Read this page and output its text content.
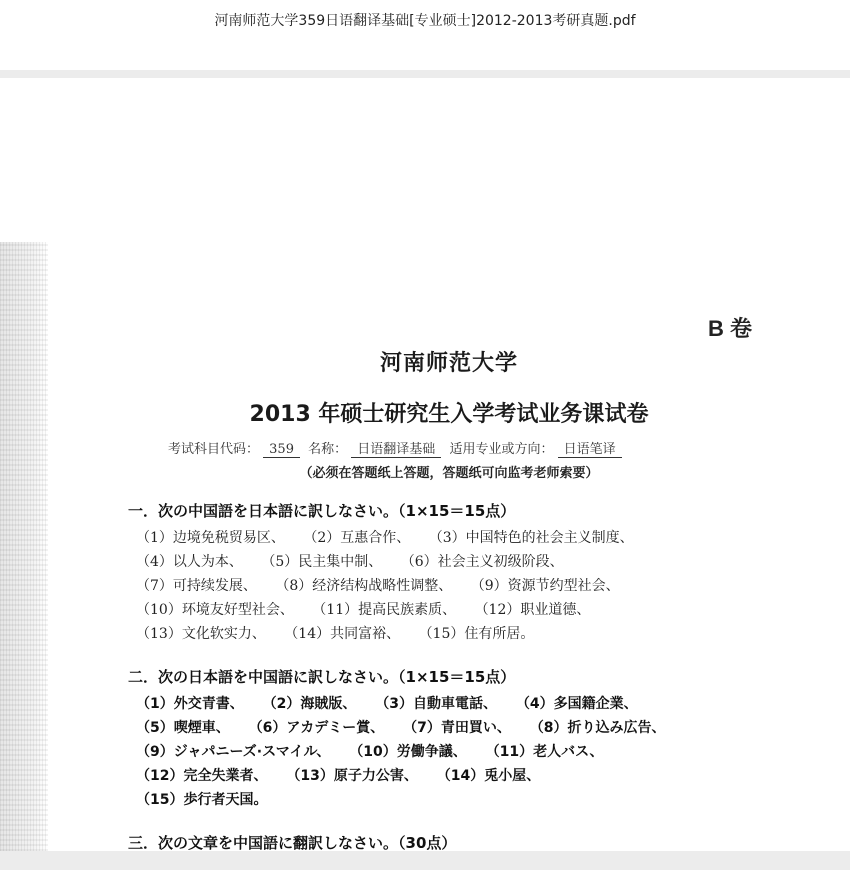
河南师范大学359日语翻译基础[专业硕士]2012-2013考研真题.pdf
B 卷
河南师范大学
2013 年硕士研究生入学考试业务课试卷
考试科目代码： 359 名称： 日语翻译基础 适用专业或方向： 日语笔译
（必须在答题纸上答题，答题纸可向监考老师索要）
一．次の中国語を日本語に訳しなさい。（1×15＝15点）
（1）边境免税贸易区、 （2）互惠合作、 （3）中国特色的社会主义制度、
（4）以人为本、 （5）民主集中制、 （6）社会主义初级阶段、
（7）可持续发展、 （8）经济结构战略性调整、 （9）资源节约型社会、
（10）环境友好型社会、 （11）提高民族素质、 （12）职业道德、
（13）文化软实力、 （14）共同富裕、 （15）住有所居。
二．次の日本語を中国語に訳しなさい。（1×15＝15点）
（1）外交青書、 （2）海賊版、 （3）自動車電話、 （4）多国籍企業、
（5）喫煙車、 （6）アカデミー賞、 （7）青田買い、 （8）折り込み広告、
（9）ジャパニーズ·スマイル、 （10）労働争議、 （11）老人バス、
（12）完全失業者、 （13）原子力公害、 （14）兎小屋、
（15）歩行者天国。
三．次の文章を中国語に翻訳しなさい。（30点）
